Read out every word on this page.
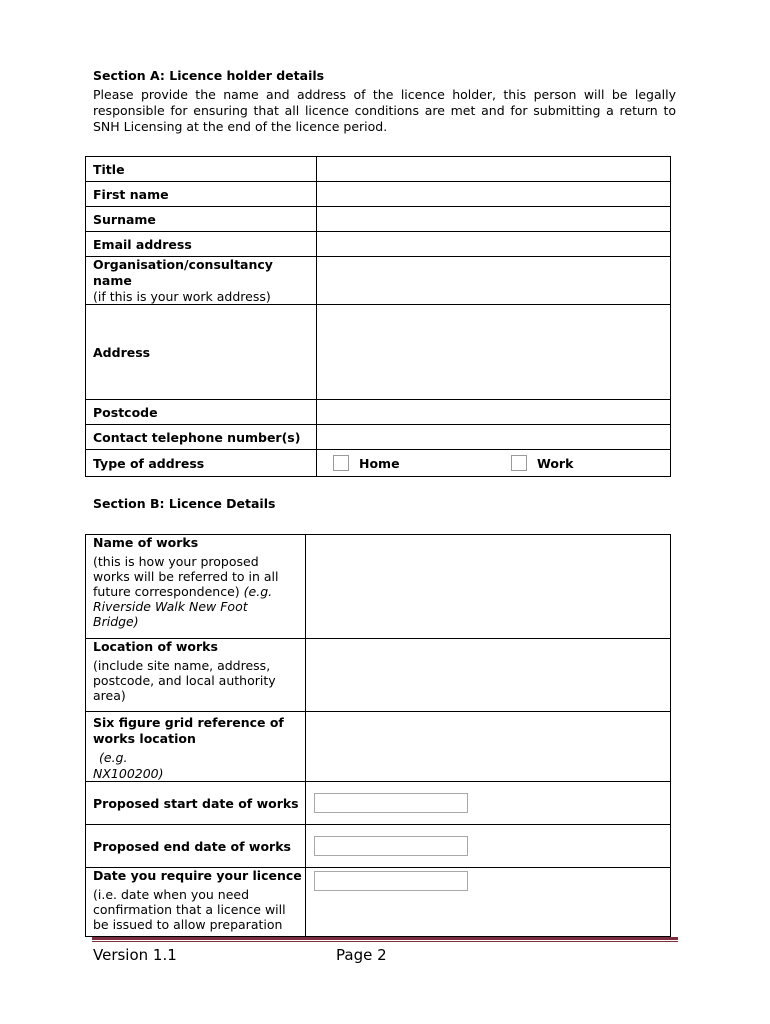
Section A: Licence holder details
Please provide the name and address of the licence holder, this person will be legally
responsible for ensuring that all licence conditions are met and for submitting a return to
SNH Licensing at the end of the licence period.
Title	
First name	
Surname	
Email address	

Organisation/consultancy name
(if this is your work address)	

Address	
Postcode	
Contact telephone number(s)	
Type of address	Home Work
Section B: Licence Details
Name of works
(this is how your proposed works will be referred to in all future correspondence) (e.g. Riverside Walk New Foot Bridge)	

Location of works
(include site name, address, postcode, and local authority area)	

Six figure grid reference of works location
(e.g.
NX100200)	

Proposed start date of works	

Proposed end date of works	

Date you require your licence
(i.e. date when you need confirmation that a licence will be issued to allow preparation	

Version 1.1	Page 2
